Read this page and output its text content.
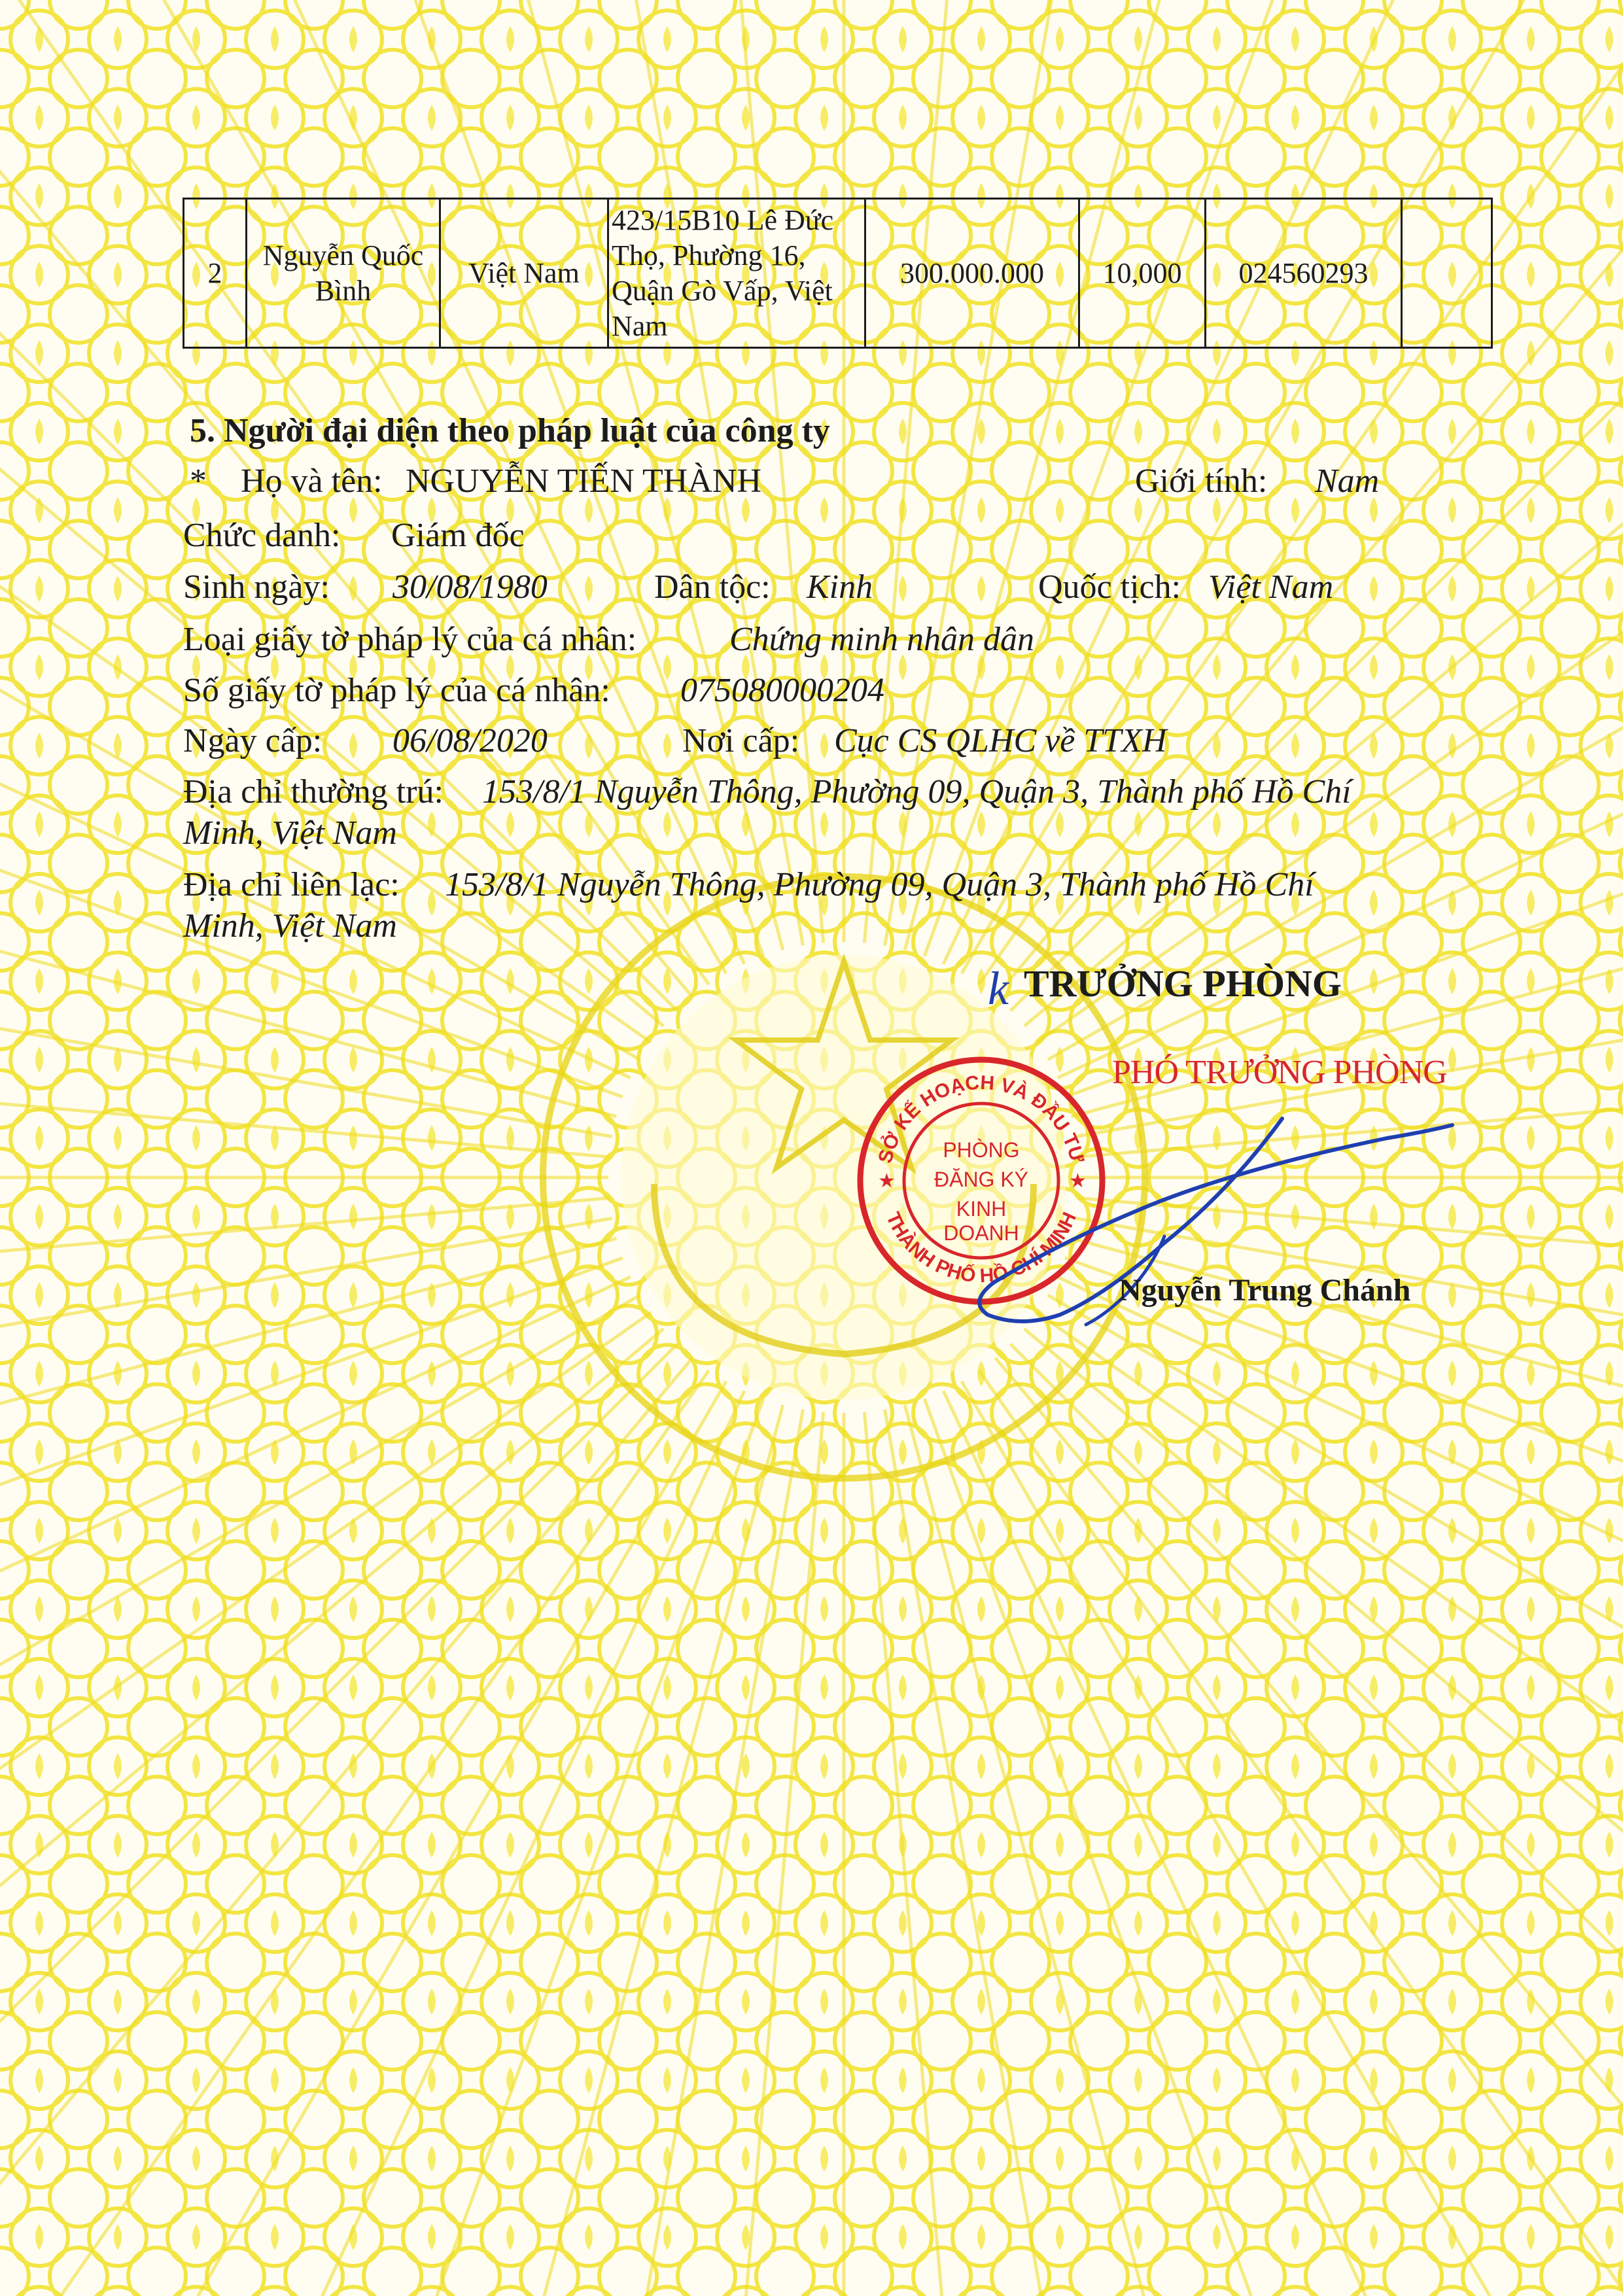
2	Nguyễn Quốc Bình	Việt Nam	423/15B10 Lê Đức Thọ, Phường 16, Quận Gò Vấp, Việt Nam	300.000.000	10,000	024560293	
5. Người đại diện theo pháp luật của công ty
* Họ và tên: NGUYỄN TIẾN THÀNH	Giới tính: Nam
Chức danh: Giám đốc
Sinh ngày: 30/08/1980	Dân tộc: Kinh	Quốc tịch: Việt Nam
Loại giấy tờ pháp lý của cá nhân:	Chứng minh nhân dân
Số giấy tờ pháp lý của cá nhân: 075080000204
Ngày cấp: 06/08/2020	Nơi cấp: Cục CS QLHC về TTXH
Địa chỉ thường trú: 153/8/1 Nguyễn Thông, Phường 09, Quận 3, Thành phố Hồ Chí
Minh, Việt Nam
Địa chỉ liên lạc: 153/8/1 Nguyễn Thông, Phường 09, Quận 3, Thành phố Hồ Chí
Minh, Việt Nam
k TRƯỞNG PHÒNG
PHÓ TRƯỞNG PHÒNG
SỞ KẾ HOẠCH VÀ ĐẦU TƯ
THÀNH PHỐ HỒ CHÍ MINH
★	★
PHÒNG
ĐĂNG KÝ
KINH DOANH
Nguyễn Trung Chánh
